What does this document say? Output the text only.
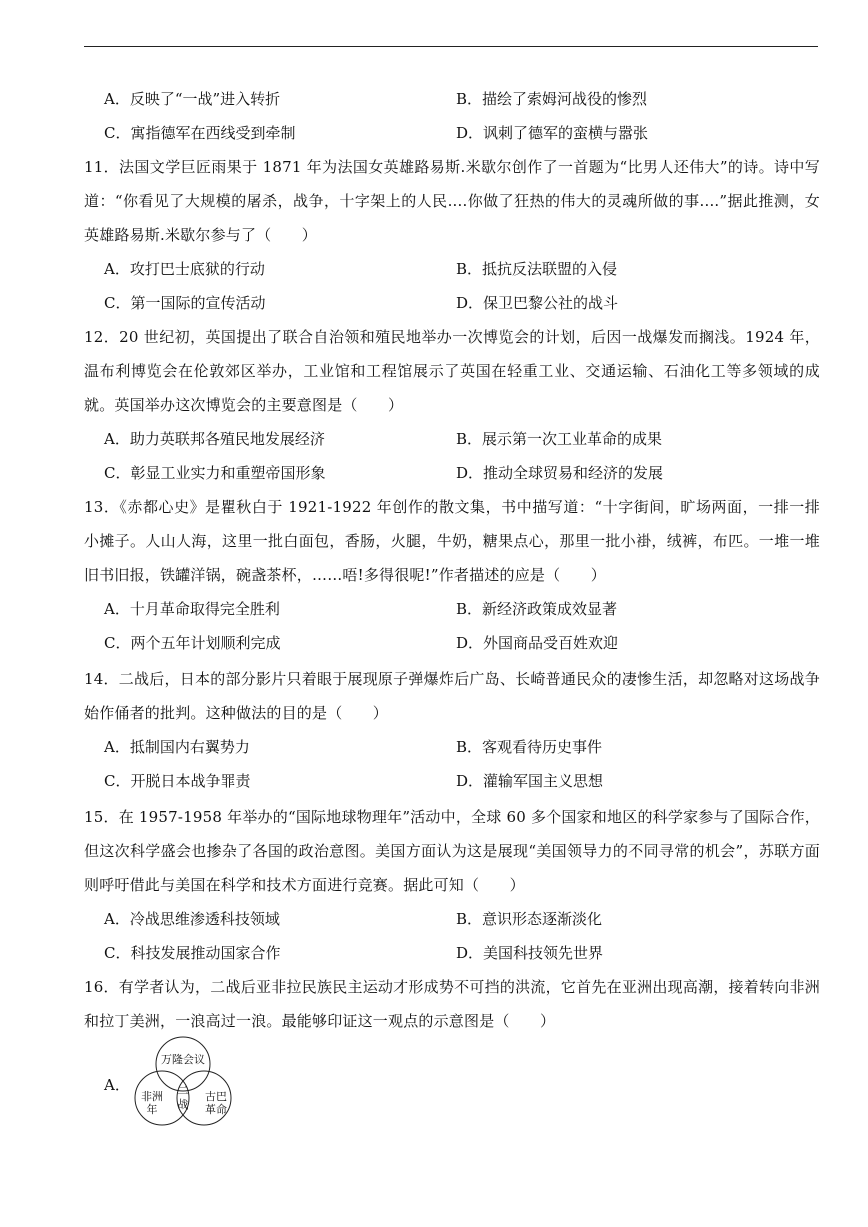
A．反映了“一战”进入转折	B．描绘了索姆河战役的惨烈
C．寓指德军在西线受到牵制	D．讽刺了德军的蛮横与嚣张
11．法国文学巨匠雨果于 1871 年为法国女英雄路易斯.米歇尔创作了一首题为“比男人还伟大”的诗。诗中写道：“你看见了大规模的屠杀，战争，十字架上的人民....你做了狂热的伟大的灵魂所做的事....”据此推测，女英雄路易斯.米歇尔参与了（　　）
A．攻打巴士底狱的行动	B．抵抗反法联盟的入侵
C．第一国际的宣传活动	D．保卫巴黎公社的战斗
12．20 世纪初，英国提出了联合自治领和殖民地举办一次博览会的计划，后因一战爆发而搁浅。1924 年，温布利博览会在伦敦郊区举办，工业馆和工程馆展示了英国在轻重工业、交通运输、石油化工等多领域的成就。英国举办这次博览会的主要意图是（　　）
A．助力英联邦各殖民地发展经济	B．展示第一次工业革命的成果
C．彰显工业实力和重塑帝国形象	D．推动全球贸易和经济的发展
13．《赤都心史》是瞿秋白于 1921-1922 年创作的散文集，书中描写道：“十字街间，旷场两面，一排一排小摊子。人山人海，这里一批白面包，香肠，火腿，牛奶，糖果点心，那里一批小褂，绒裤，布匹。一堆一堆旧书旧报，铁罐洋锅，碗盏茶杯，……唔!多得很呢!”作者描述的应是（　　）
A．十月革命取得完全胜利	B．新经济政策成效显著
C．两个五年计划顺利完成	D．外国商品受百姓欢迎
14．二战后，日本的部分影片只着眼于展现原子弹爆炸后广岛、长崎普通民众的凄惨生活，却忽略对这场战争始作俑者的批判。这种做法的目的是（　　）
A．抵制国内右翼势力	B．客观看待历史事件
C．开脱日本战争罪责	D．灌输军国主义思想
15．在 1957-1958 年举办的“国际地球物理年”活动中，全球 60 多个国家和地区的科学家参与了国际合作，但这次科学盛会也掺杂了各国的政治意图。美国方面认为这是展现“美国领导力的不同寻常的机会”，苏联方面则呼吁借此与美国在科学和技术方面进行竞赛。据此可知（　　）
A．冷战思维渗透科技领域	B．意识形态逐渐淡化
C．科技发展推动国家合作	D．美国科技领先世界
16．有学者认为，二战后亚非拉民族民主运动才形成势不可挡的洪流，它首先在亚洲出现高潮，接着转向非洲和拉丁美洲，一浪高过一浪。最能够印证这一观点的示意图是（　　）
A．
万隆会议
非洲
年
古巴
革命
二
战
